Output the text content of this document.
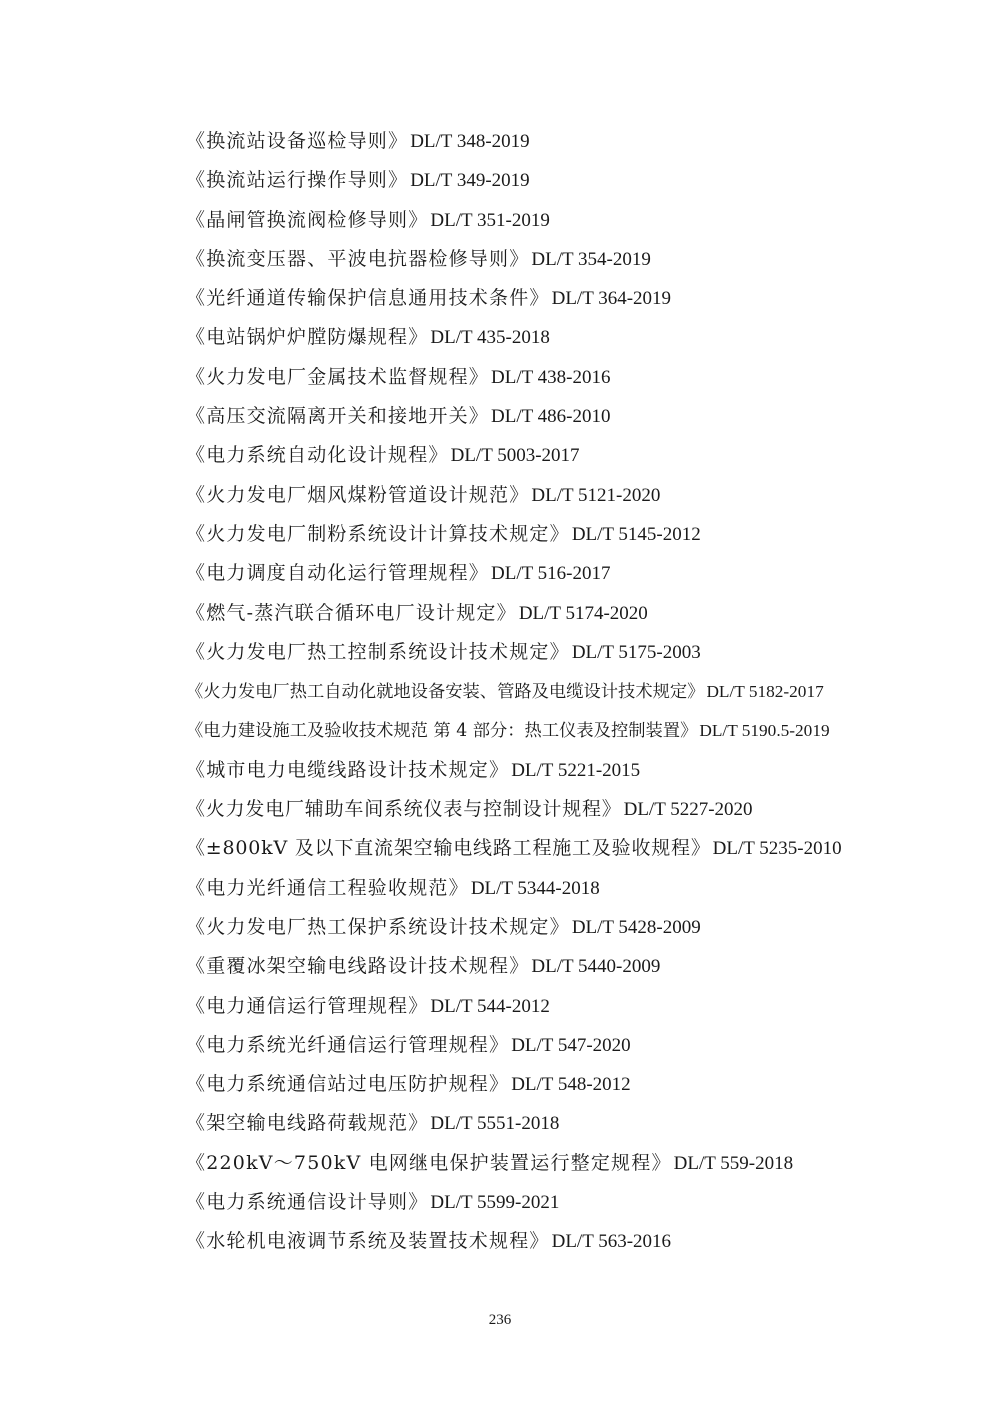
《换流站设备巡检导则》 DL/T 348-2019
《换流站运行操作导则》 DL/T 349-2019
《晶闸管换流阀检修导则》 DL/T 351-2019
《换流变压器、平波电抗器检修导则》 DL/T 354-2019
《光纤通道传输保护信息通用技术条件》 DL/T 364-2019
《电站锅炉炉膛防爆规程》 DL/T 435-2018
《火力发电厂金属技术监督规程》 DL/T 438-2016
《高压交流隔离开关和接地开关》 DL/T 486-2010
《电力系统自动化设计规程》 DL/T 5003-2017
《火力发电厂烟风煤粉管道设计规范》 DL/T 5121-2020
《火力发电厂制粉系统设计计算技术规定》 DL/T 5145-2012
《电力调度自动化运行管理规程》 DL/T 516-2017
《燃气-蒸汽联合循环电厂设计规定》 DL/T 5174-2020
《火力发电厂热工控制系统设计技术规定》 DL/T 5175-2003
《火力发电厂热工自动化就地设备安装、管路及电缆设计技术规定》 DL/T 5182-2017
《电力建设施工及验收技术规范 第 4 部分：热工仪表及控制装置》 DL/T 5190.5-2019
《城市电力电缆线路设计技术规定》 DL/T 5221-2015
《火力发电厂辅助车间系统仪表与控制设计规程》 DL/T 5227-2020
《±800kV 及以下直流架空输电线路工程施工及验收规程》 DL/T 5235-2010
《电力光纤通信工程验收规范》 DL/T 5344-2018
《火力发电厂热工保护系统设计技术规定》 DL/T 5428-2009
《重覆冰架空输电线路设计技术规程》 DL/T 5440-2009
《电力通信运行管理规程》 DL/T 544-2012
《电力系统光纤通信运行管理规程》 DL/T 547-2020
《电力系统通信站过电压防护规程》 DL/T 548-2012
《架空输电线路荷载规范》 DL/T 5551-2018
《220kV～750kV 电网继电保护装置运行整定规程》 DL/T 559-2018
《电力系统通信设计导则》 DL/T 5599-2021
《水轮机电液调节系统及装置技术规程》 DL/T 563-2016
236
